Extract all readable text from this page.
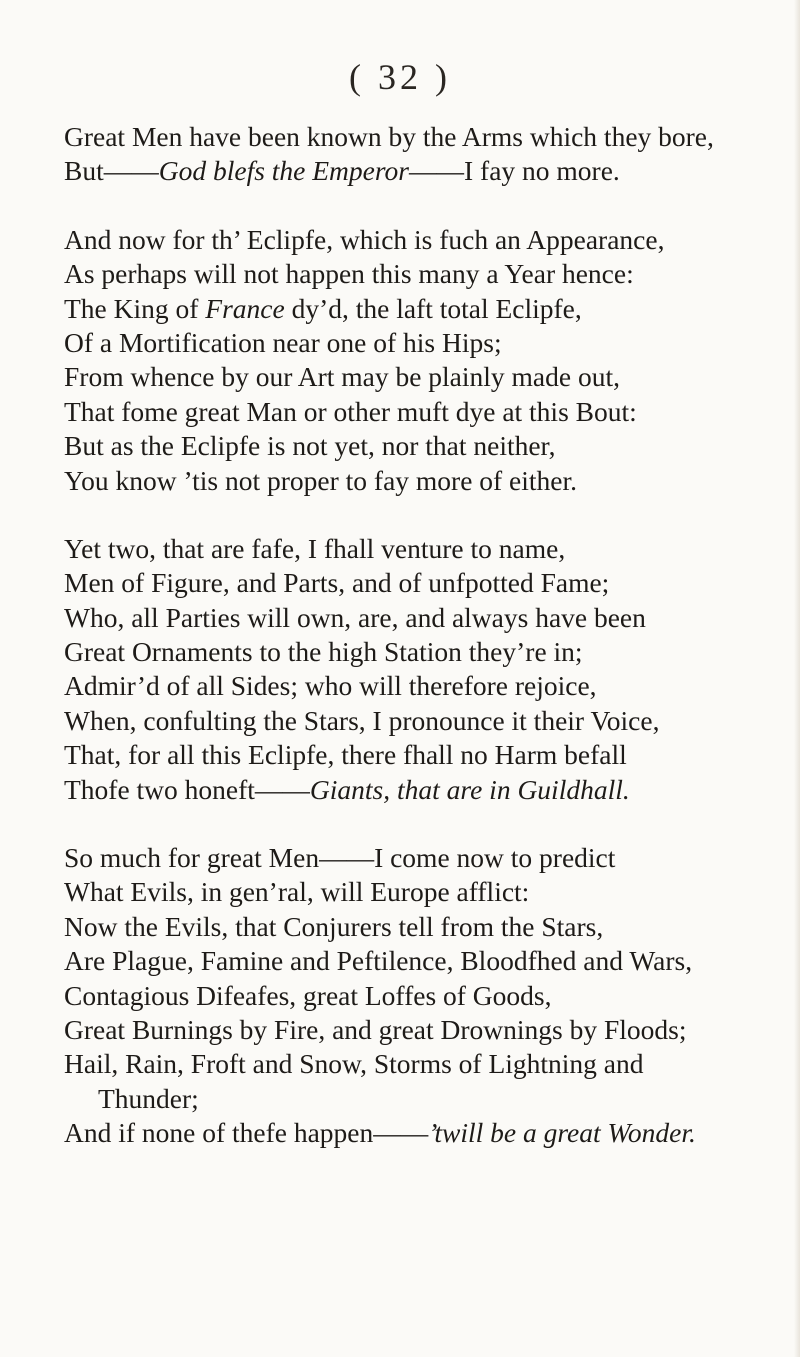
( 32 )
Great Men have been known by the Arms which they bore,
But——God blefs the Emperor——I fay no more.
And now for th’ Eclipfe, which is fuch an Appearance,
As perhaps will not happen this many a Year hence:
The King of France dy’d, the laft total Eclipfe,
Of a Mortification near one of his Hips;
From whence by our Art may be plainly made out,
That fome great Man or other muft dye at this Bout:
But as the Eclipfe is not yet, nor that neither,
You know ’tis not proper to fay more of either.
Yet two, that are fafe, I fhall venture to name,
Men of Figure, and Parts, and of unfpotted Fame;
Who, all Parties will own, are, and always have been
Great Ornaments to the high Station they’re in;
Admir’d of all Sides; who will therefore rejoice,
When, confulting the Stars, I pronounce it their Voice,
That, for all this Eclipfe, there fhall no Harm befall
Thofe two honeft——Giants, that are in Guildhall.
So much for great Men——I come now to predict
What Evils, in gen’ral, will Europe afflict:
Now the Evils, that Conjurers tell from the Stars,
Are Plague, Famine and Peftilence, Bloodfhed and Wars,
Contagious Difeafes, great Loffes of Goods,
Great Burnings by Fire, and great Drownings by Floods;
Hail, Rain, Froft and Snow, Storms of Lightning and
Thunder;
And if none of thefe happen——’twill be a great Wonder.
